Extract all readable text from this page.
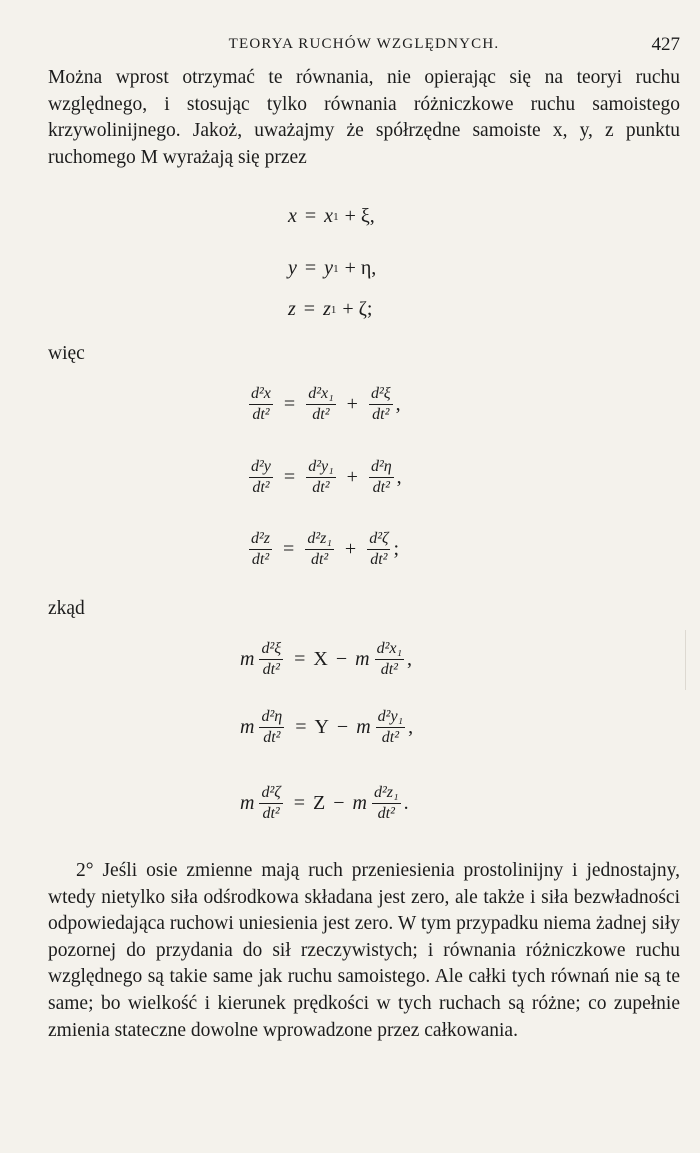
TEORYA RUCHÓW WZGLĘDNYCH.	427

Można wprost otrzymać te równania, nie opierając się na teoryi ruchu względnego, i stosując tylko równania różniczkowe ruchu samoistego krzywolinijnego. Jakoż, uważajmy że spółrzędne samoiste x, y, z punktu ruchomego M wyrażają się przez

x = x 1 + ξ,
y = y 1 + η,
z = z 1 + ζ;
więc
$\frac{\text{d²x}}{\text{dt²}} = \frac{\text{d²x₁}}{\text{dt²}} + \frac{\text{d²ξ}}{\text{dt²}}$ ,
$\frac{\text{d²y}}{\text{dt²}} = \frac{\text{d²y₁}}{\text{dt²}} + \frac{\text{d²η}}{\text{dt²}}$ ,
$\frac{\text{d²z}}{\text{dt²}} = \frac{\text{d²z₁}}{\text{dt²}} + \frac{\text{d²ζ}}{\text{dt²}}$ ;
zkąd
m $\frac{\text{d²ξ}}{\text{dt²}} = X - m \frac{\text{d²x₁}}{\text{dt²}}$ ,
m $\frac{\text{d²η}}{\text{dt²}} = Y - m \frac{\text{d²y₁}}{\text{dt²}}$ ,
m $\frac{\text{d²ζ}}{\text{dt²}} = Z - m \frac{\text{d²z₁}}{\text{dt²}}$ .

2° Jeśli osie zmienne mają ruch przeniesienia prostolinijny i jednostajny, wtedy nietylko siła odśrodkowa składana jest zero, ale także i siła bezwładności odpowiedająca ruchowi uniesienia jest zero. W tym przypadku niema żadnej siły pozornej do przydania do sił rzeczywistych; i równania różniczkowe ruchu względnego są takie same jak ruchu samoistego. Ale całki tych równań nie są te same; bo wielkość i kierunek prędkości w tych ruchach są różne; co zupełnie zmienia stateczne dowolne wprowadzone przez całkowania.
